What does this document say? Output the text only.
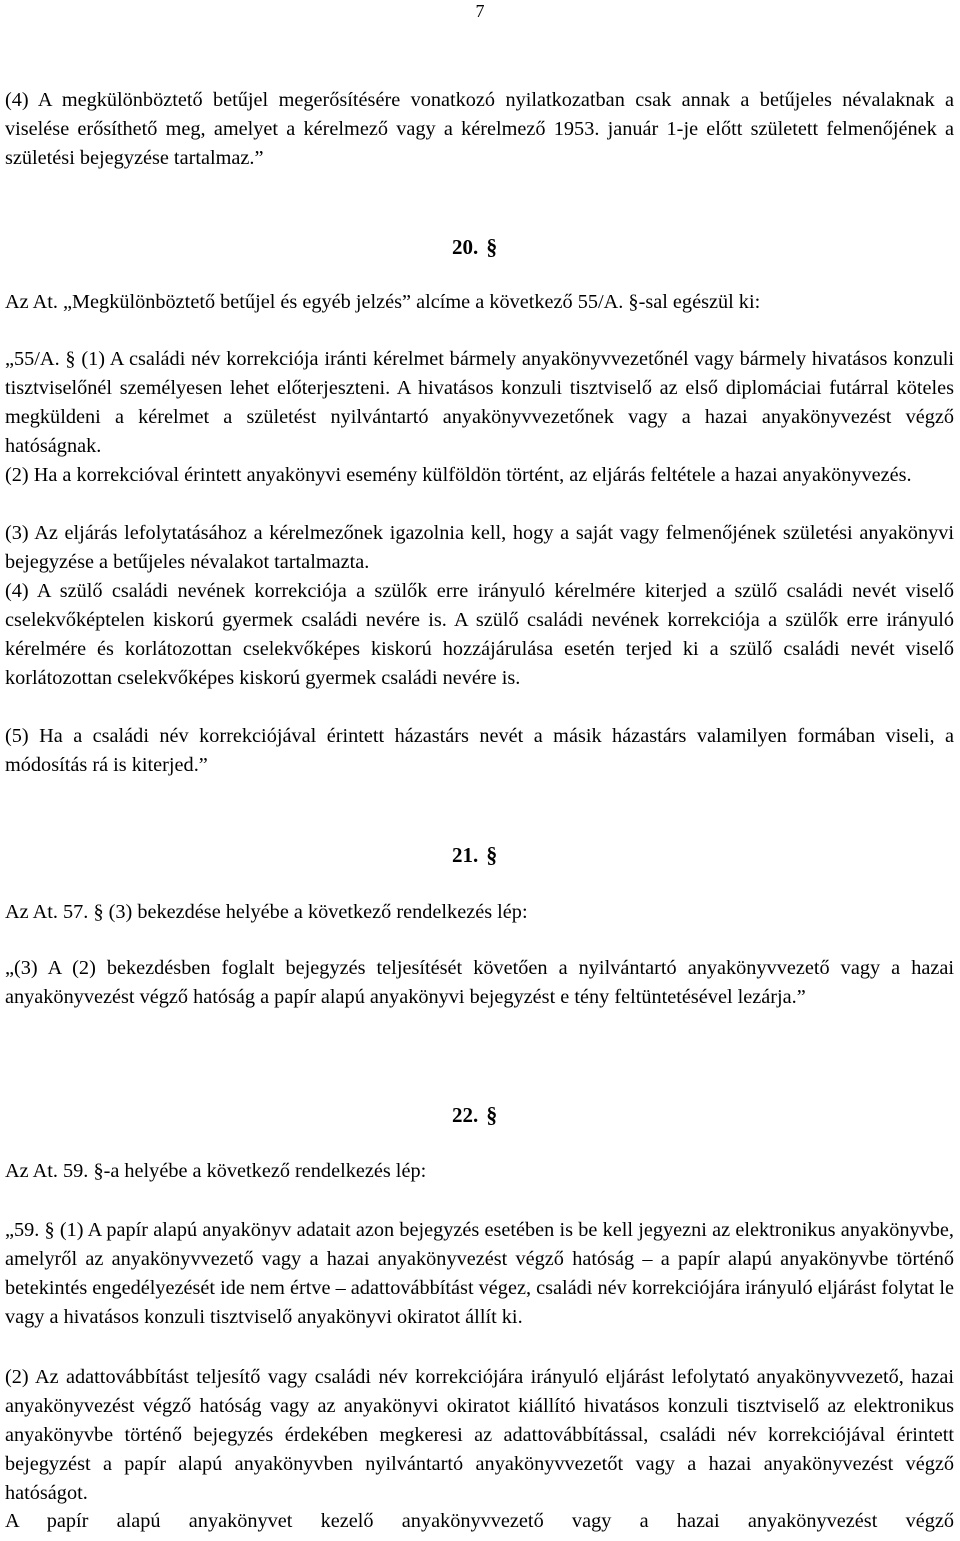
7

(4) A megkülönböztető betűjel megerősítésére vonatkozó nyilatkozatban csak annak a betűjeles névalaknak a viselése erősíthető meg, amelyet a kérelmező vagy a kérelmező 1953. január 1-je előtt született felmenőjének a születési bejegyzése tartalmaz.”

20. §

Az At. „Megkülönböztető betűjel és egyéb jelzés” alcíme a következő 55/A. §-sal egészül ki:

„55/A. § (1) A családi név korrekciója iránti kérelmet bármely anyakönyvvezetőnél vagy bármely hivatásos konzuli tisztviselőnél személyesen lehet előterjeszteni. A hivatásos konzuli tisztviselő az első diplomáciai futárral köteles megküldeni a kérelmet a születést nyilvántartó anyakönyvvezetőnek vagy a hazai anyakönyvezést végző hatóságnak.

(2) Ha a korrekcióval érintett anyakönyvi esemény külföldön történt, az eljárás feltétele a hazai anyakönyvezés.

(3) Az eljárás lefolytatásához a kérelmezőnek igazolnia kell, hogy a saját vagy felmenőjének születési anyakönyvi bejegyzése a betűjeles névalakot tartalmazta.

(4) A szülő családi nevének korrekciója a szülők erre irányuló kérelmére kiterjed a szülő családi nevét viselő cselekvőképtelen kiskorú gyermek családi nevére is. A szülő családi nevének korrekciója a szülők erre irányuló kérelmére és korlátozottan cselekvőképes kiskorú hozzájárulása esetén terjed ki a szülő családi nevét viselő korlátozottan cselekvőképes kiskorú gyermek családi nevére is.

(5) Ha a családi név korrekciójával érintett házastárs nevét a másik házastárs valamilyen formában viseli, a módosítás rá is kiterjed.”

21. §

Az At. 57. § (3) bekezdése helyébe a következő rendelkezés lép:

„(3) A (2) bekezdésben foglalt bejegyzés teljesítését követően a nyilvántartó anyakönyvvezető vagy a hazai anyakönyvezést végző hatóság a papír alapú anyakönyvi bejegyzést e tény feltüntetésével lezárja.”

22. §

Az At. 59. §-a helyébe a következő rendelkezés lép:

„59. § (1) A papír alapú anyakönyv adatait azon bejegyzés esetében is be kell jegyezni az elektronikus anyakönyvbe, amelyről az anyakönyvvezető vagy a hazai anyakönyvezést végző hatóság – a papír alapú anyakönyvbe történő betekintés engedélyezését ide nem értve – adattovábbítást végez, családi név korrekciójára irányuló eljárást folytat le vagy a hivatásos konzuli tisztviselő anyakönyvi okiratot állít ki.

(2) Az adattovábbítást teljesítő vagy családi név korrekciójára irányuló eljárást lefolytató anyakönyvvezető, hazai anyakönyvezést végző hatóság vagy az anyakönyvi okiratot kiállító hivatásos konzuli tisztviselő az elektronikus anyakönyvbe történő bejegyzés érdekében megkeresi az adattovábbítással, családi név korrekciójával érintett bejegyzést a papír alapú anyakönyvben nyilvántartó anyakönyvvezetőt vagy a hazai anyakönyvezést végző hatóságot.

A papír alapú anyakönyvet kezelő anyakönyvvezető vagy a hazai anyakönyvezést végző
